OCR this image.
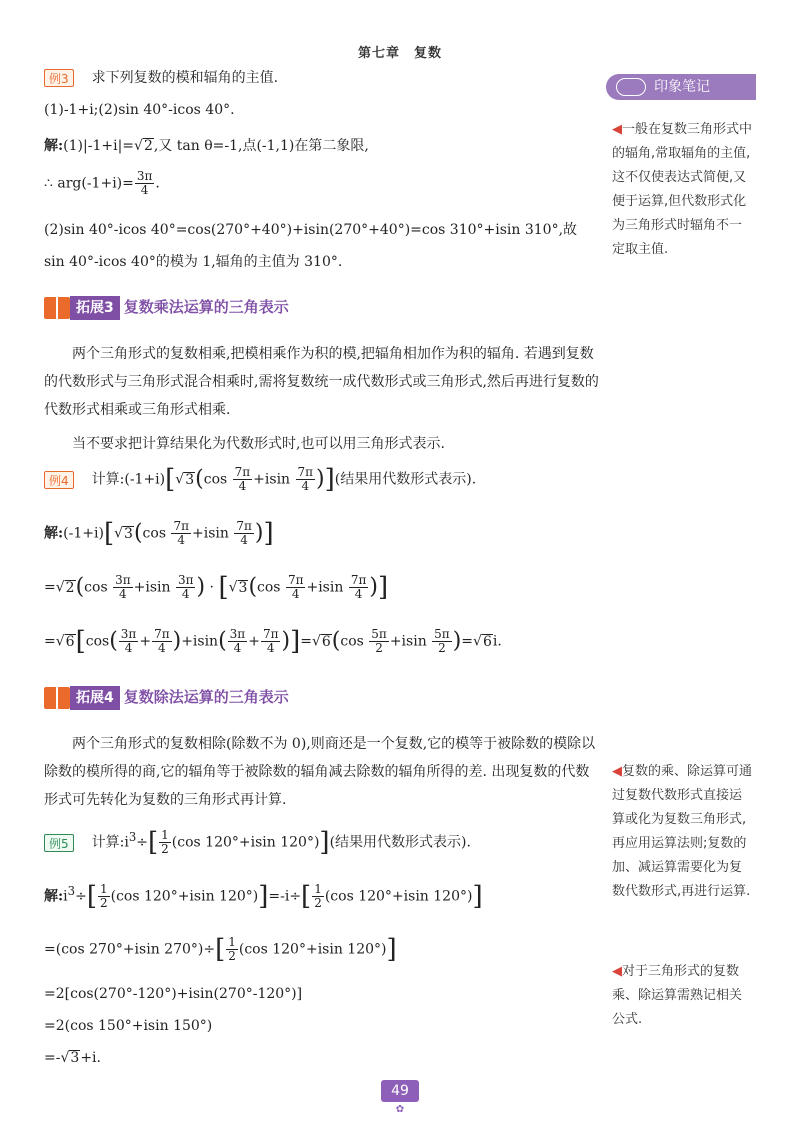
第七章　复数
印象笔记
◀一般在复数三角形式中的辐角,常取辐角的主值,这不仅使表达式简便,又便于运算,但代数形式化为三角形式时辐角不一定取主值.
◀复数的乘、除运算可通过复数代数形式直接运算或化为复数三角形式,再应用运算法则;复数的加、减运算需要化为复数代数形式,再进行运算.
◀对于三角形式的复数乘、除运算需熟记相关公式.
例3 求下列复数的模和辐角的主值.
(1)-1+i;(2)sin 40°-icos 40°.
解:(1)|-1+i|=√2,又 tan θ=-1,点(-1,1)在第二象限,
∴ $arg(-1+i)= \frac{3\pi}{4}$ .
(2)sin 40°-icos 40°=cos(270°+40°)+isin(270°+40°)=cos 310°+isin 310°,故
sin 40°-icos 40°的模为 1,辐角的主值为 310°.
拓展3 复数乘法运算的三角表示
两个三角形式的复数相乘,把模相乘作为积的模,把辐角相加作为积的辐角. 若遇到复数的代数形式与三角形式混合相乘时,需将复数统一成代数形式或三角形式,然后再进行复数的代数形式相乘或三角形式相乘.
当不要求把计算结果化为代数形式时,也可以用三角形式表示.
例4 计算:(-1+i)[√3(cos $\frac{7\pi}{4} +isin \frac{7\pi}{4}$ )](结果用代数形式表示).
解:(-1+i)[√3(cos $\frac{7\pi}{4} +isin \frac{7\pi}{4}$ )]
$=√2(\cos \frac{3\pi}{4} +isin \frac{3\pi}{4}$ ) · [$√3(\cos \frac{7\pi}{4} +isin \frac{7\pi}{4}$ )]
$=√6[\cos( \frac{3\pi}{4} + \frac{7\pi}{4} )+isin( \frac{3\pi}{4} + \frac{7\pi}{4} )]=√6(\cos \frac{5\pi}{2} +isin \frac{5\pi}{2} )=√6i$.
拓展4 复数除法运算的三角表示
两个三角形式的复数相除(除数不为 0),则商还是一个复数,它的模等于被除数的模除以除数的模所得的商,它的辐角等于被除数的辐角减去除数的辐角所得的差. 出现复数的代数形式可先转化为复数的三角形式再计算.
例5 计算$:i^3\div[ \frac{1}{2} (\cos$ 120°+isin 120°)](结果用代数形式表示).
解$:i^3\div[ \frac{1}{2} (\cos$ 120°+isin $120^\circ)]=-i\div[ \frac{1}{2} (\cos$ 120°+isin 120°)]
=(cos 270°+isin $270^\circ)\div[ \frac{1}{2} (\cos$ 120°+isin 120°)]
=2[cos(270°-120°)+isin(270°-120°)]
=2(cos 150°+isin 150°)
=-√3+i.
49
✿
